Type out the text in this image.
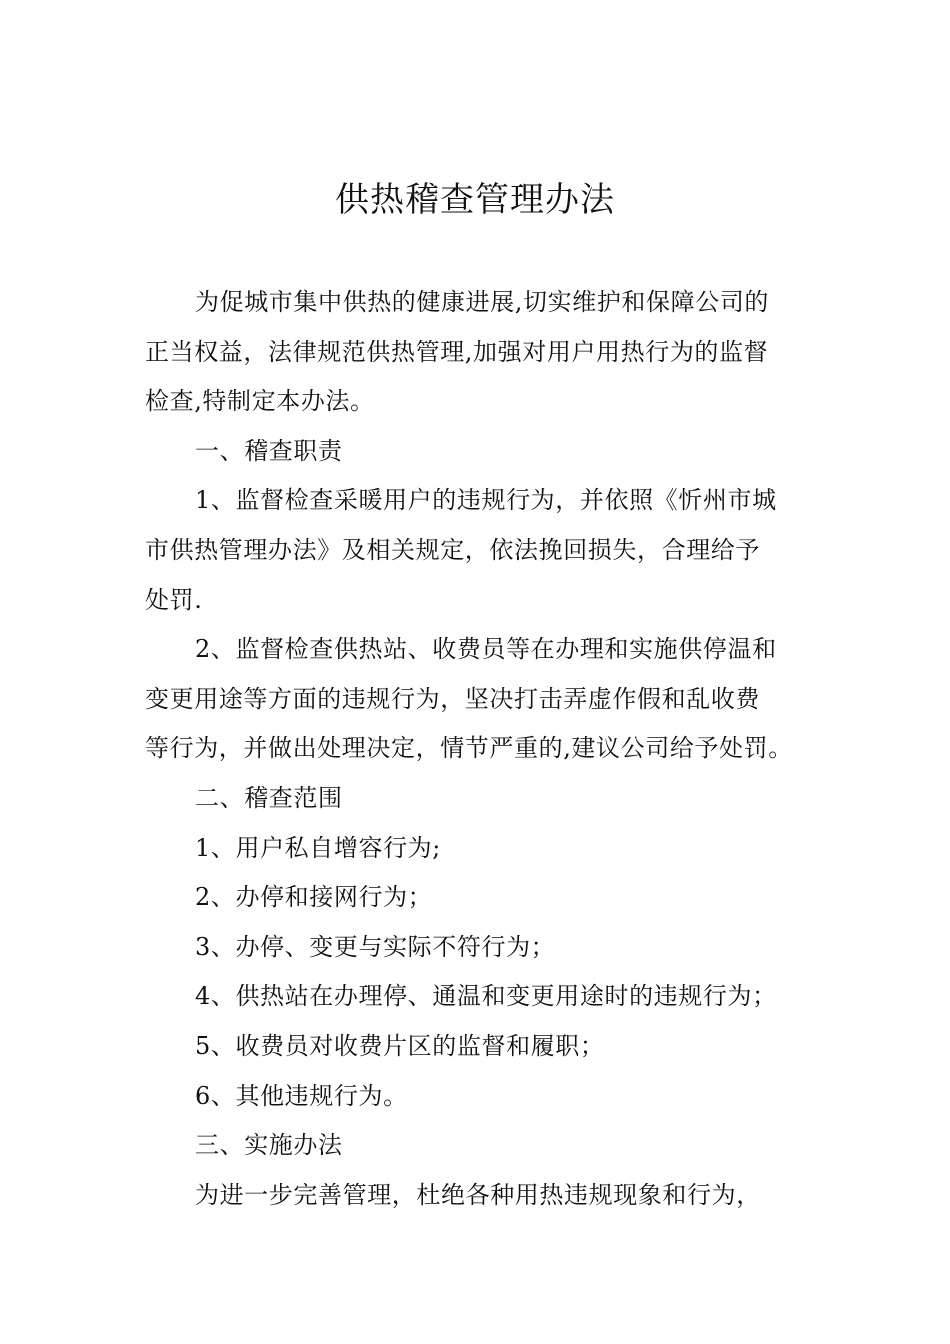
供热稽查管理办法

为促城市集中供热的健康进展,切实维护和保障公司的

正当权益，法律规范供热管理,加强对用户用热行为的监督

检查,特制定本办法。

一、稽查职责

1、监督检查采暖用户的违规行为，并依照《忻州市城

市供热管理办法》及相关规定，依法挽回损失，合理给予

处罚.

2、监督检查供热站、收费员等在办理和实施供停温和

变更用途等方面的违规行为，坚决打击弄虚作假和乱收费

等行为，并做出处理决定，情节严重的,建议公司给予处罚。

二、稽查范围

1、用户私自增容行为;

2、办停和接网行为；

3、办停、变更与实际不符行为；

4、供热站在办理停、通温和变更用途时的违规行为；

5、收费员对收费片区的监督和履职；

6、其他违规行为。

三、实施办法

为进一步完善管理，杜绝各种用热违规现象和行为，
